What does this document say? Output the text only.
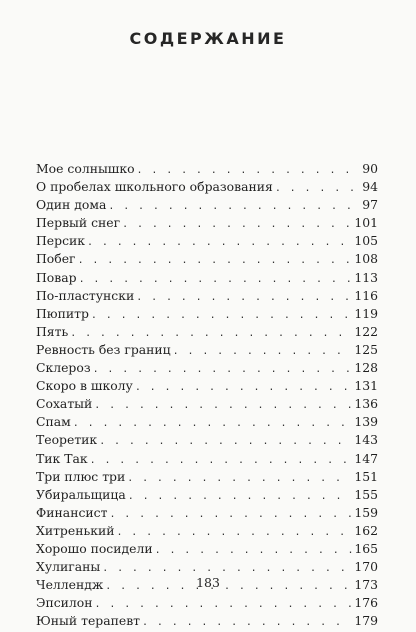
СОДЕРЖАНИЕ
Мое солнышко . . .	90
О пробелах школьного образования . . .	94
Один дома . . .	97
Первый снег . . .	101
Персик . . .	105
Побег . . .	108
Повар . . .	113
По-пластунски . . .	116
Пюпитр . . .	119
Пять . . .	122
Ревность без границ . . .	125
Склероз . . .	128
Скоро в школу . . .	131
Сохатый . . .	136
Спам . . .	139
Теоретик . . .	143
Тик Так . . .	147
Три плюс три . . .	151
Убиральщица . . .	155
Финансист . . .	159
Хитренький . . .	162
Хорошо посидели . . .	165
Хулиганы . . .	170
Челлендж . . .	173
Эпсилон . . .	176
Юный терапевт . . .	179
183
